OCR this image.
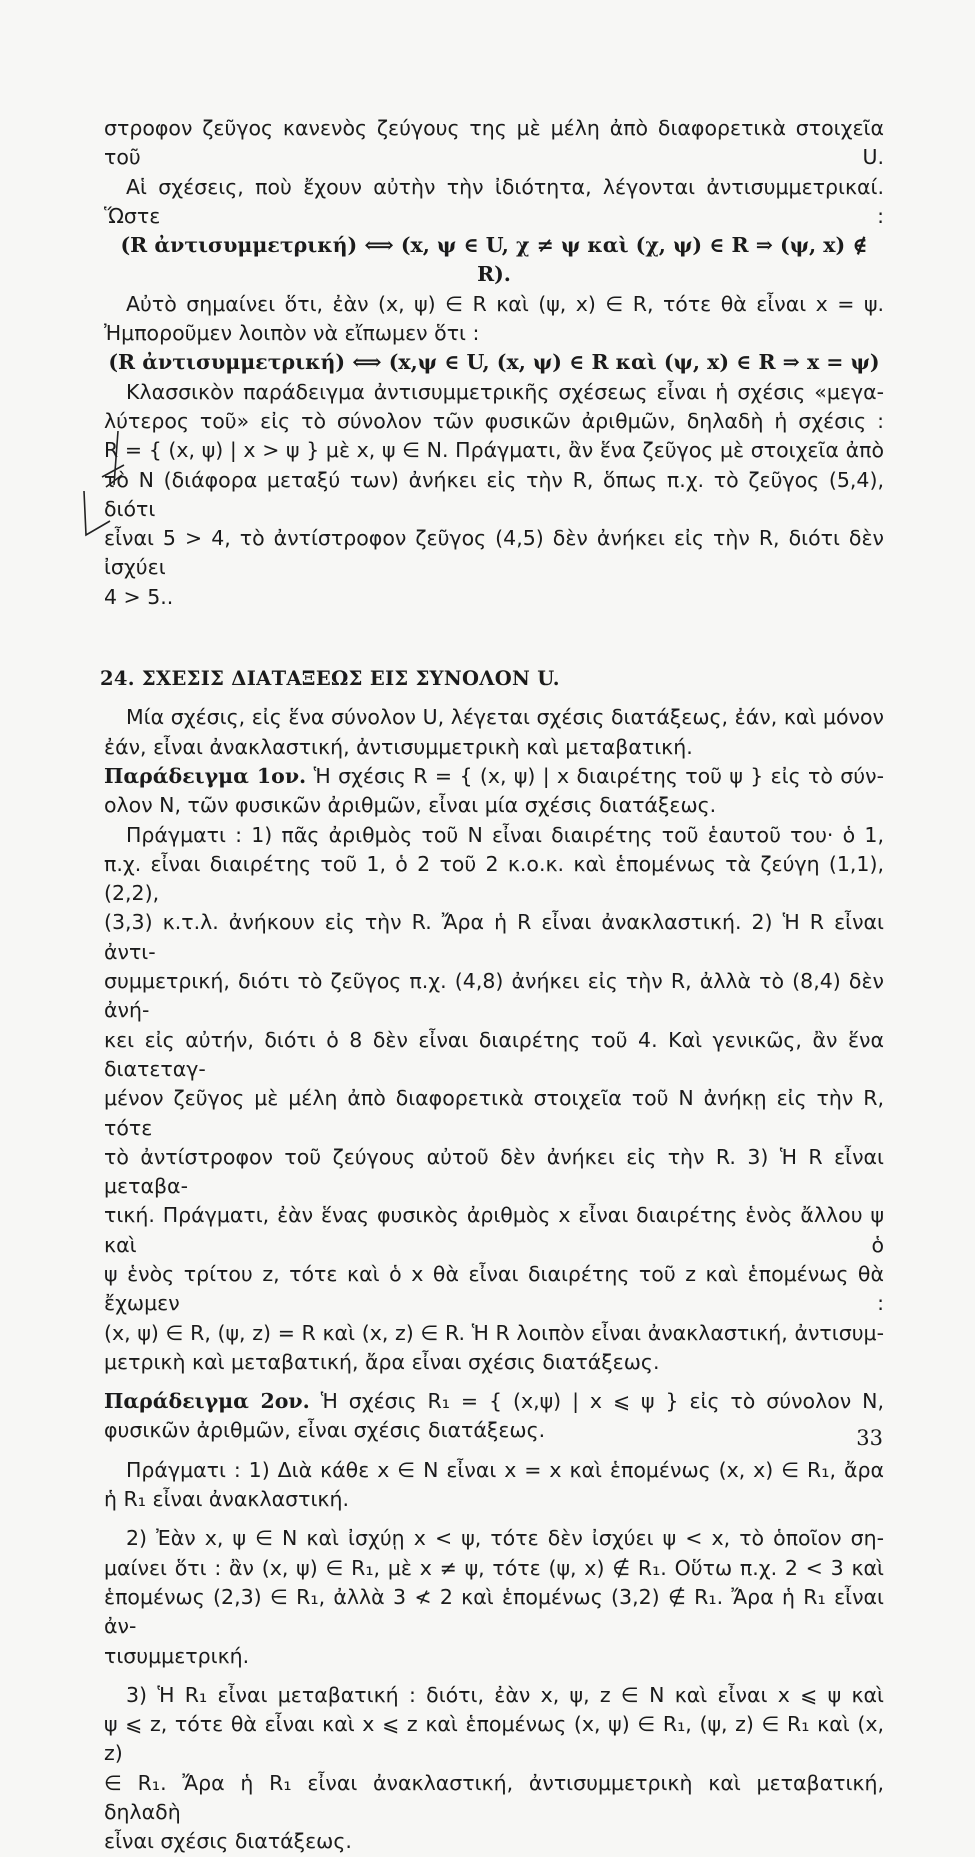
στροφον ζεῦγος κανενὸς ζεύγους της μὲ μέλη ἀπὸ διαφορετικὰ στοιχεῖα τοῦ U.

Αἱ σχέσεις, ποὺ ἔχουν αὐτὴν τὴν ἰδιότητα, λέγονται ἀντισυμμετρικαί. Ὥστε :

(R ἀντισυμμετρική) ⟺ (x, ψ ∈ U, χ ≠ ψ καὶ (χ, ψ) ∈ R ⇒ (ψ, x) ∉ R).

Αὐτὸ σημαίνει ὅτι, ἐὰν (x, ψ) ∈ R καὶ (ψ, x) ∈ R, τότε θὰ εἶναι x = ψ.

Ἠμποροῦμεν λοιπὸν νὰ εἴπωμεν ὅτι :

(R ἀντισυμμετρική) ⟺ (x,ψ ∈ U, (x, ψ) ∈ R καὶ (ψ, x) ∈ R ⇒ x = ψ)

Κλασσικὸν παράδειγμα ἀντισυμμετρικῆς σχέσεως εἶναι ἡ σχέσις «μεγα-

λύτερος τοῦ» εἰς τὸ σύνολον τῶν φυσικῶν ἀριθμῶν, δηλαδὴ ἡ σχέσις :

R = { (x, ψ) | x > ψ } μὲ x, ψ ∈ N. Πράγματι, ἂν ἕνα ζεῦγος μὲ στοιχεῖα ἀπὸ

τὸ N (διάφορα μεταξύ των) ἀνήκει εἰς τὴν R, ὅπως π.χ. τὸ ζεῦγος (5,4), διότι

εἶναι 5 > 4, τὸ ἀντίστροφον ζεῦγος (4,5) δὲν ἀνήκει εἰς τὴν R, διότι δὲν ἰσχύει

4 > 5..

24. ΣΧΕΣΙΣ ΔΙΑΤΑΞΕΩΣ ΕΙΣ ΣΥΝΟΛΟΝ U.

Μία σχέσις, εἰς ἕνα σύνολον U, λέγεται σχέσις διατάξεως, ἐάν, καὶ μόνον

ἐάν, εἶναι ἀνακλαστική, ἀντισυμμετρικὴ καὶ μεταβατική.

Παράδειγμα 1ον. Ἡ σχέσις R = { (x, ψ) | x διαιρέτης τοῦ ψ } εἰς τὸ σύν-

ολον N, τῶν φυσικῶν ἀριθμῶν, εἶναι μία σχέσις διατάξεως.

Πράγματι : 1) πᾶς ἀριθμὸς τοῦ N εἶναι διαιρέτης τοῦ ἑαυτοῦ του· ὁ 1,

π.χ. εἶναι διαιρέτης τοῦ 1, ὁ 2 τοῦ 2 κ.ο.κ. καὶ ἑπομένως τὰ ζεύγη (1,1), (2,2),

(3,3) κ.τ.λ. ἀνήκουν εἰς τὴν R. Ἄρα ἡ R εἶναι ἀνακλαστική. 2) Ἡ R εἶναι ἀντι-

συμμετρική, διότι τὸ ζεῦγος π.χ. (4,8) ἀνήκει εἰς τὴν R, ἀλλὰ τὸ (8,4) δὲν ἀνή-

κει εἰς αὐτήν, διότι ὁ 8 δὲν εἶναι διαιρέτης τοῦ 4. Καὶ γενικῶς, ἂν ἕνα διατεταγ-

μένον ζεῦγος μὲ μέλη ἀπὸ διαφορετικὰ στοιχεῖα τοῦ N ἀνήκῃ εἰς τὴν R, τότε

τὸ ἀντίστροφον τοῦ ζεύγους αὐτοῦ δὲν ἀνήκει εἰς τὴν R. 3) Ἡ R εἶναι μεταβα-

τική. Πράγματι, ἐὰν ἕνας φυσικὸς ἀριθμὸς x εἶναι διαιρέτης ἑνὸς ἄλλου ψ καὶ ὁ

ψ ἑνὸς τρίτου z, τότε καὶ ὁ x θὰ εἶναι διαιρέτης τοῦ z καὶ ἑπομένως θὰ ἔχωμεν :

(x, ψ) ∈ R, (ψ, z) = R καὶ (x, z) ∈ R. Ἡ R λοιπὸν εἶναι ἀνακλαστική, ἀντισυμ-

μετρικὴ καὶ μεταβατική, ἄρα εἶναι σχέσις διατάξεως.

Παράδειγμα 2ον. Ἡ σχέσις R₁ = { (x,ψ) | x ⩽ ψ } εἰς τὸ σύνολον N,

φυσικῶν ἀριθμῶν, εἶναι σχέσις διατάξεως.

Πράγματι : 1) Διὰ κάθε x ∈ N εἶναι x = x καὶ ἑπομένως (x, x) ∈ R₁, ἄρα

ἡ R₁ εἶναι ἀνακλαστική.

2) Ἐὰν x, ψ ∈ N καὶ ἰσχύῃ x < ψ, τότε δὲν ἰσχύει ψ < x, τὸ ὁποῖον ση-

μαίνει ὅτι : ἂν (x, ψ) ∈ R₁, μὲ x ≠ ψ, τότε (ψ, x) ∉ R₁. Οὕτω π.χ. 2 < 3 καὶ

ἑπομένως (2,3) ∈ R₁, ἀλλὰ 3 ≮ 2 καὶ ἑπομένως (3,2) ∉ R₁. Ἄρα ἡ R₁ εἶναι ἀν-

τισυμμετρική.

3) Ἡ R₁ εἶναι μεταβατική : διότι, ἐὰν x, ψ, z ∈ N καὶ εἶναι x ⩽ ψ καὶ

ψ ⩽ z, τότε θὰ εἶναι καὶ x ⩽ z καὶ ἑπομένως (x, ψ) ∈ R₁, (ψ, z) ∈ R₁ καὶ (x, z)

∈ R₁. Ἄρα ἡ R₁ εἶναι ἀνακλαστική, ἀντισυμμετρικὴ καὶ μεταβατική, δηλαδὴ

εἶναι σχέσις διατάξεως.

33
